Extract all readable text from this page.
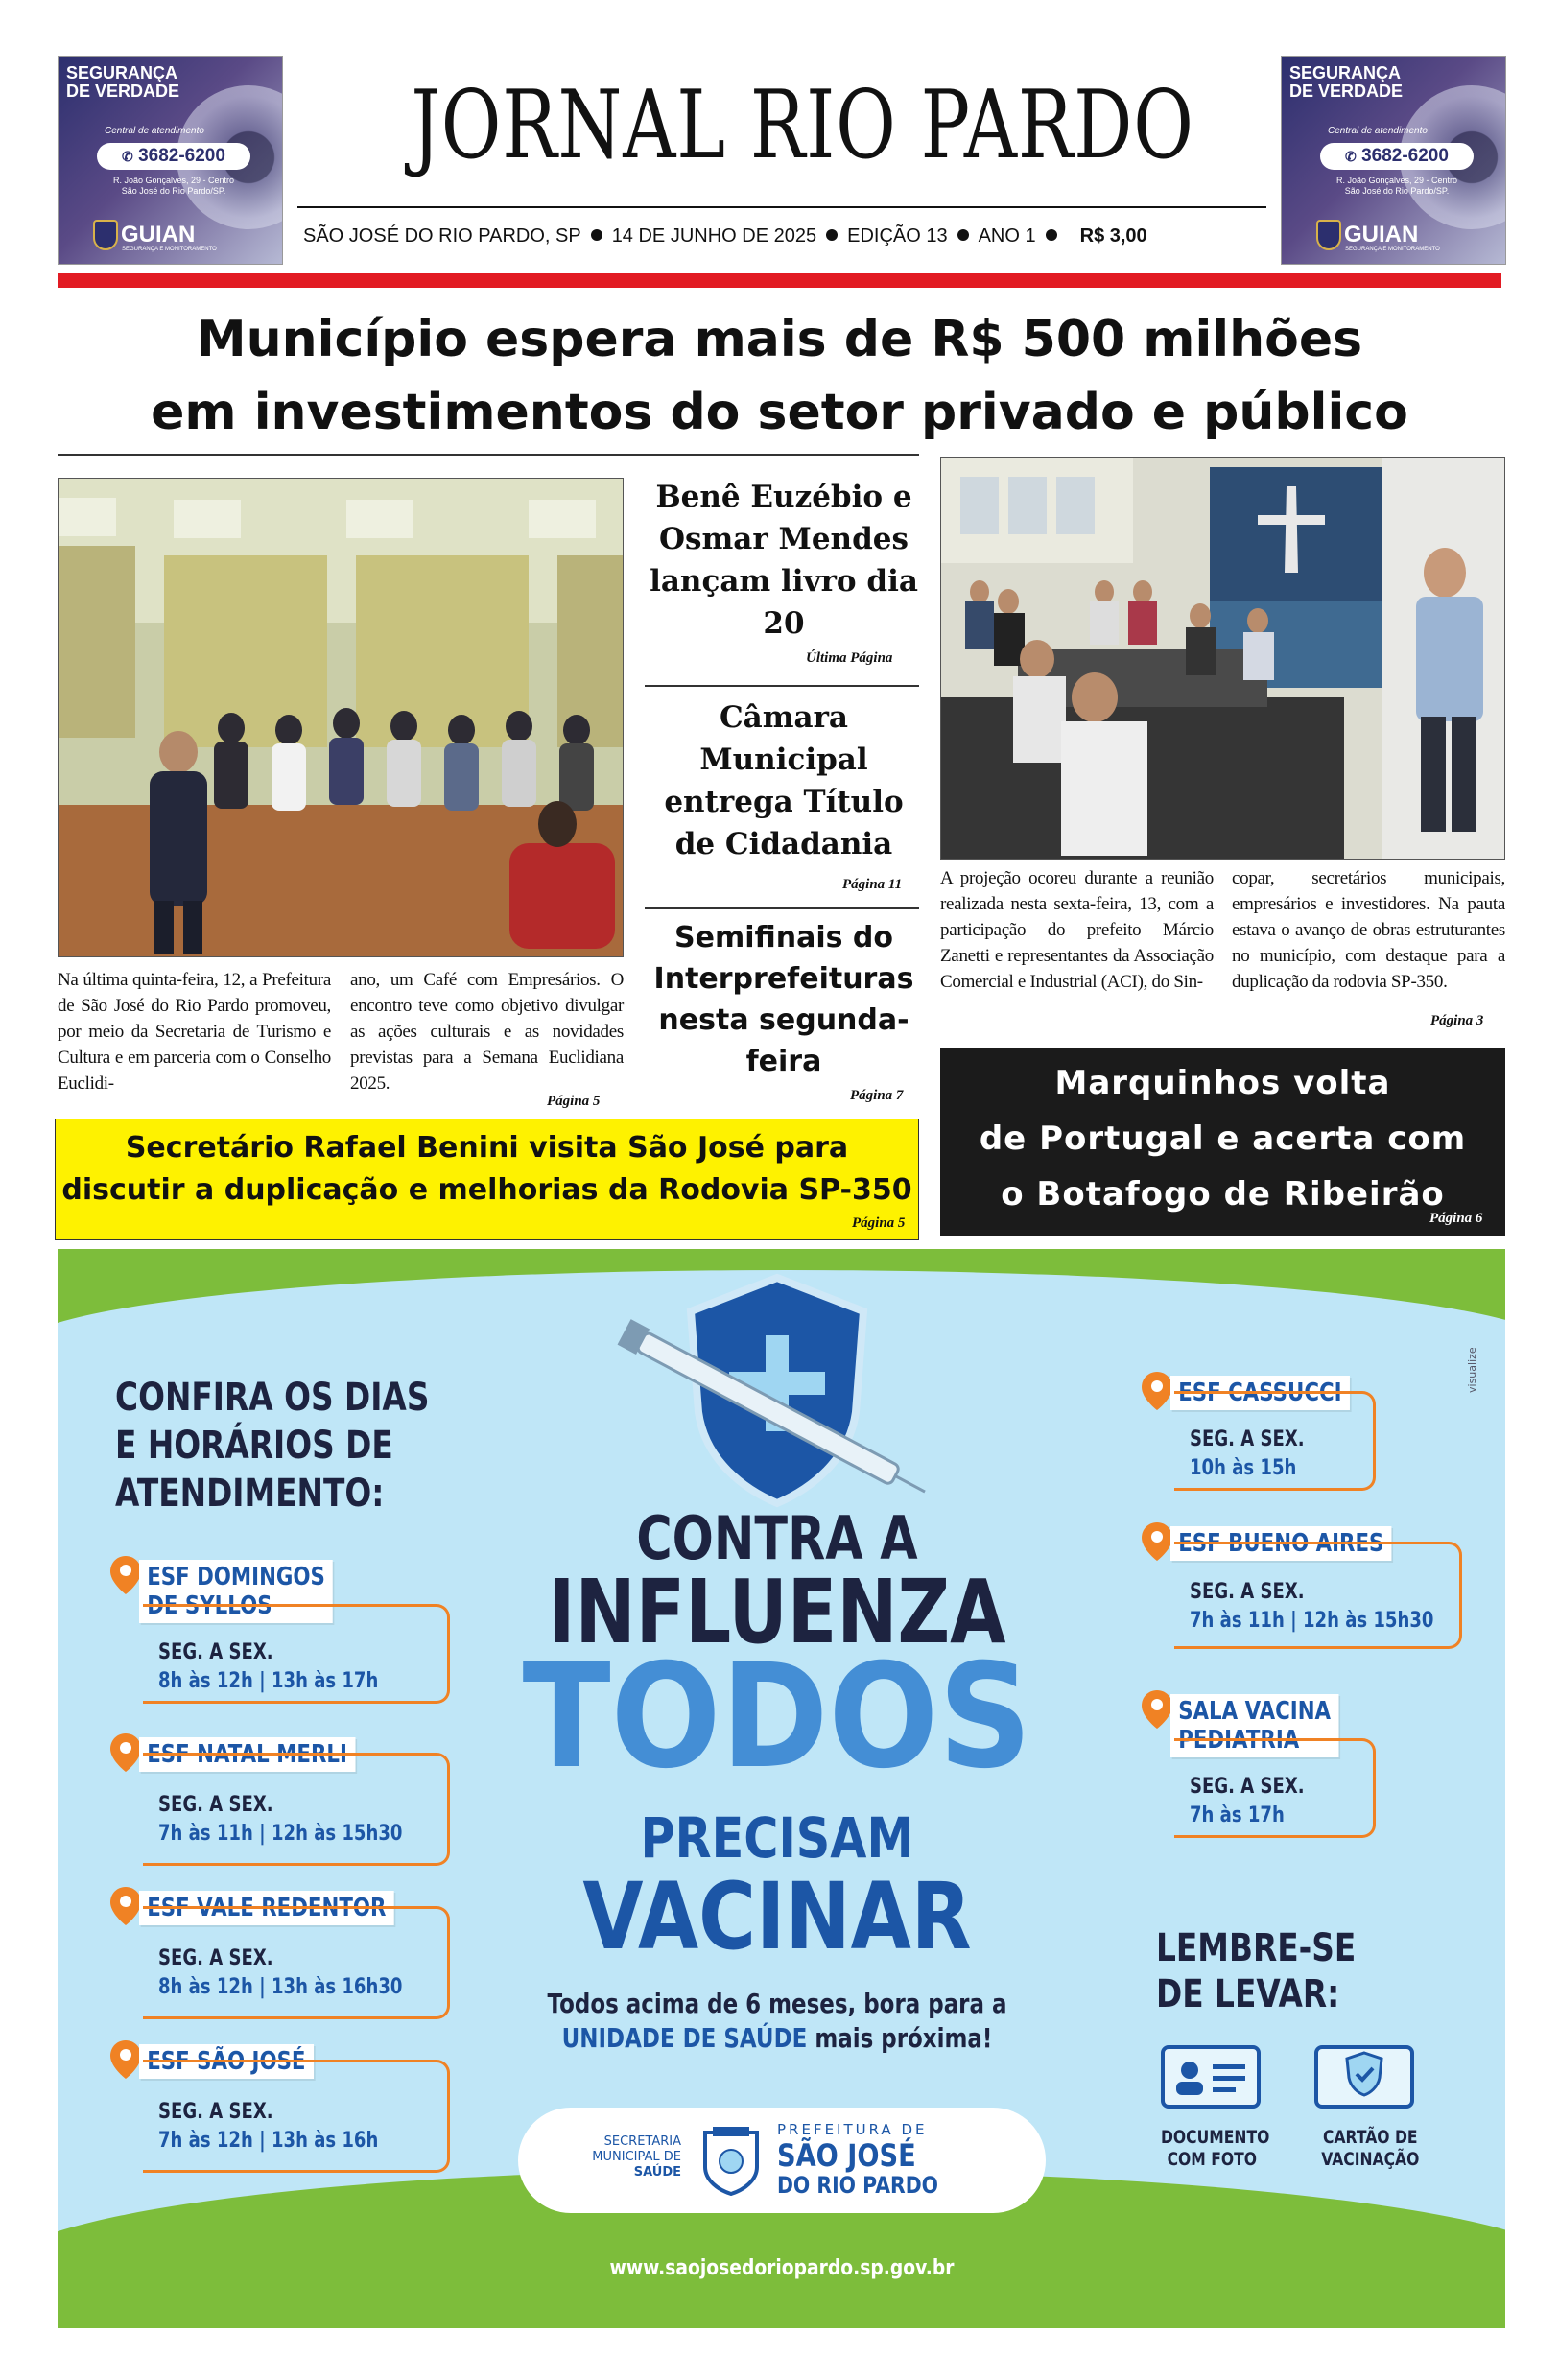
SEGURANÇA
DE VERDADE
Central de atendimento
✆ 3682-6200
R. João Gonçalves, 29 - Centro
São José do Rio Pardo/SP.
GUIAN
SEGURANÇA E MONITORAMENTO
SEGURANÇA
DE VERDADE
Central de atendimento
✆ 3682-6200
R. João Gonçalves, 29 - Centro
São José do Rio Pardo/SP.
GUIAN
SEGURANÇA E MONITORAMENTO
JORNAL RIO PARDO
SÃO JOSÉ DO RIO PARDO, SP 14 DE JUNHO DE 2025 EDIÇÃO 13 ANO 1 R$ 3,00
Município espera mais de R$ 500 milhões
em investimentos do setor privado e público
Na última quinta-feira, 12, a Prefeitura de São José do Rio Pardo promoveu, por meio da Secretaria de Turismo e Cultura e em parceria com o Conselho Euclidi-
ano, um Café com Empresários. O encontro teve como objetivo divulgar as ações culturais e as novidades previstas para a Semana Euclidiana 2025.
Página 5
Benê Euzébio e Osmar Mendes lançam livro dia 20
Última Página
Câmara Municipal entrega Título de Cidadania
Página 11
Semifinais do Interprefeituras nesta segunda-feira
Página 7
A projeção ocoreu durante a reunião realizada nesta sexta-feira, 13, com a participação do prefeito Márcio Zanetti e representantes da Associação Comercial e Industrial (ACI), do Sin-
copar, secretários municipais, empresários e investidores. Na pauta estava o avanço de obras estruturantes no município, com destaque para a duplicação da rodovia SP-350.
Página 3
Secretário Rafael Benini visita São José para
discutir a duplicação e melhorias da Rodovia SP-350
Página 5
Marquinhos volta
de Portugal e acerta com
o Botafogo de Ribeirão
Página 6
CONFIRA OS DIAS
E HORÁRIOS DE
ATENDIMENTO:
ESF DOMINGOS
DE SYLLOS
SEG. A SEX.
8h às 12h | 13h às 17h
ESF NATAL MERLI
SEG. A SEX.
7h às 11h | 12h às 15h30
ESF VALE REDENTOR
SEG. A SEX.
8h às 12h | 13h às 16h30
ESF SÃO JOSÉ
SEG. A SEX.
7h às 12h | 13h às 16h
CONTRA A
INFLUENZA
TODOS
PRECISAM
VACINAR
Todos acima de 6 meses, bora para a
UNIDADE DE SAÚDE mais próxima!
SECRETARIA
MUNICIPAL DE
SAÚDE
PREFEITURA DE
SÃO JOSÉ
DO RIO PARDO
www.saojosedoriopardo.sp.gov.br
ESF CASSUCCI
SEG. A SEX.
10h às 15h
ESF BUENO AIRES
SEG. A SEX.
7h às 11h | 12h às 15h30
SALA VACINA
PEDIATRIA
SEG. A SEX.
7h às 17h
visualize
LEMBRE-SE
DE LEVAR:
DOCUMENTO
COM FOTO
CARTÃO DE
VACINAÇÃO
